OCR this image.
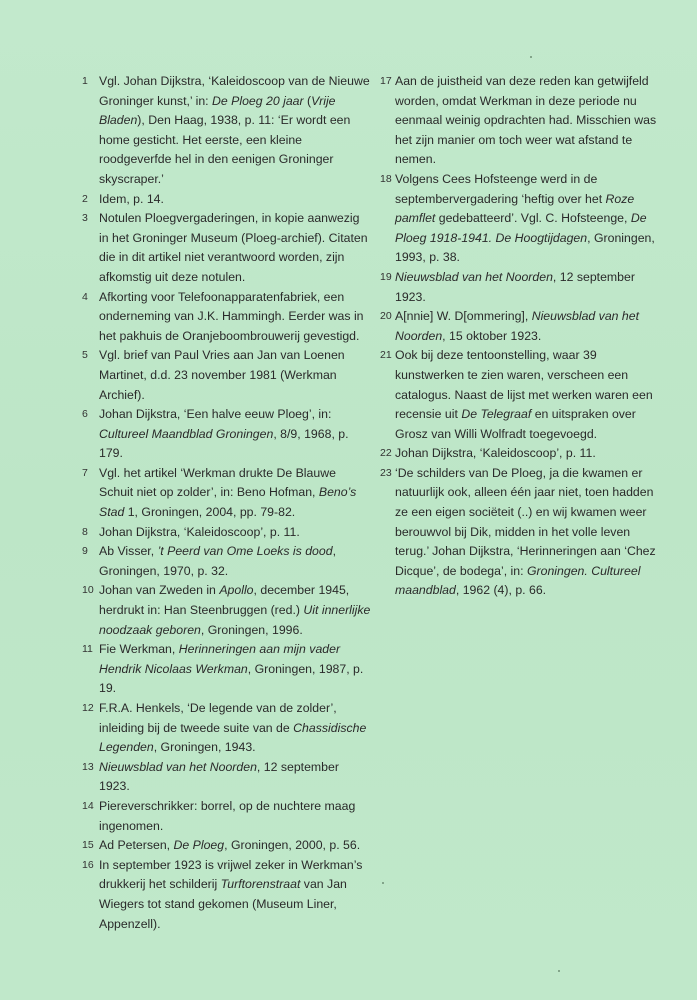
1 Vgl. Johan Dijkstra, ‘Kaleidoscoop van de Nieuwe Groninger kunst,’ in: De Ploeg 20 jaar (Vrije Bladen), Den Haag, 1938, p. 11: ‘Er wordt een home gesticht. Het eerste, een kleine roodgeverfde hel in den eenigen Groninger skyscraper.’
2 Idem, p. 14.
3 Notulen Ploegvergaderingen, in kopie aanwezig in het Groninger Museum (Ploeg-archief). Citaten die in dit artikel niet verantwoord worden, zijn afkomstig uit deze notulen.
4 Afkorting voor Telefoonapparatenfabriek, een onderneming van J.K. Hammingh. Eerder was in het pakhuis de Oranjeboombrouwerij gevestigd.
5 Vgl. brief van Paul Vries aan Jan van Loenen Martinet, d.d. 23 november 1981 (Werkman Archief).
6 Johan Dijkstra, ‘Een halve eeuw Ploeg’, in: Cultureel Maandblad Groningen, 8/9, 1968, p. 179.
7 Vgl. het artikel ‘Werkman drukte De Blauwe Schuit niet op zolder’, in: Beno Hofman, Beno’s Stad 1, Groningen, 2004, pp. 79-82.
8 Johan Dijkstra, ‘Kaleidoscoop’, p. 11.
9 Ab Visser, ’t Peerd van Ome Loeks is dood, Groningen, 1970, p. 32.
10 Johan van Zweden in Apollo, december 1945, herdrukt in: Han Steenbruggen (red.) Uit innerlijke noodzaak geboren, Groningen, 1996.
11 Fie Werkman, Herinneringen aan mijn vader Hendrik Nicolaas Werkman, Groningen, 1987, p. 19.
12 F.R.A. Henkels, ‘De legende van de zolder’, inleiding bij de tweede suite van de Chassidische Legenden, Groningen, 1943.
13 Nieuwsblad van het Noorden, 12 september 1923.
14 Piereverschrikker: borrel, op de nuchtere maag ingenomen.
15 Ad Petersen, De Ploeg, Groningen, 2000, p. 56.
16 In september 1923 is vrijwel zeker in Werkman’s drukkerij het schilderij Turftorenstraat van Jan Wiegers tot stand gekomen (Museum Liner, Appenzell).
17 Aan de juistheid van deze reden kan getwijfeld worden, omdat Werkman in deze periode nu eenmaal weinig opdrachten had. Misschien was het zijn manier om toch weer wat afstand te nemen.
18 Volgens Cees Hofsteenge werd in de septembervergadering ‘heftig over het Roze pamflet gedebatteerd’. Vgl. C. Hofsteenge, De Ploeg 1918-1941. De Hoogtijdagen, Groningen, 1993, p. 38.
19 Nieuwsblad van het Noorden, 12 september 1923.
20 A[nnie] W. D[ommering], Nieuwsblad van het Noorden, 15 oktober 1923.
21 Ook bij deze tentoonstelling, waar 39 kunstwerken te zien waren, verscheen een catalogus. Naast de lijst met werken waren een recensie uit De Telegraaf en uitspraken over Grosz van Willi Wolfradt toegevoegd.
22 Johan Dijkstra, ‘Kaleidoscoop’, p. 11.
23 ‘De schilders van De Ploeg, ja die kwamen er natuurlijk ook, alleen één jaar niet, toen hadden ze een eigen sociëteit (..) en wij kwamen weer berouwvol bij Dik, midden in het volle leven terug.’ Johan Dijkstra, ‘Herinneringen aan ‘Chez Dicque’, de bodega’, in: Groningen. Cultureel maandblad, 1962 (4), p. 66.
